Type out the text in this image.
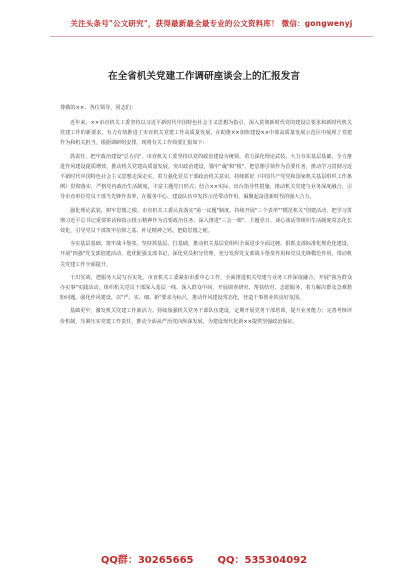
关注头条号"公文研究"，获得最新最全最专业的公文资料库！ 微信：gongwenyj
在全省机关党建工作调研座谈会上的汇报发言
尊敬的××、各位领导、同志们：

近年来，××市直机关工委坚持以习近平新时代中国特色社会主义思想为指引，深入贯彻新时代党的建设总要求和新时代机关党建工作的新要求，有力有效推进了市直机关党建工作高质量发展，在助推××加快建设××中部高质量发展示范区中展现了党建作为和机关担当。根据调研组安排，现将有关工作简要汇报如下：

抓责任，把牢政治建设"总方向"。市直机关工委坚持以党的政治建设为统领，着力深化理论武装，大力夯实基层基础，全力推进作风建设提质增效，推动机关党建高质量发展。突出政治建设，锚牢"魂"和"根"。把思想引领作为首要任务，推动学习贯彻习近平新时代中国特色社会主义思想走深走实，着力强化党员干部政治机关意识，持续抓好《中国共产党党和国家机关基层组织工作条例》贯彻落实，严格党内政治生活制度，丰富主题党日形式；结合××实际，出台指导性措施，推动机关党建与业务深度融合，引导市直单位党员干部当先锋作表率，在服务中心、建设队伍中发挥示范带动作用，凝聚起奋进新时代的强大合力。

强化理论武装，树牢思想之根。市直机关工委认真落实"第一议题"制度，持续开展"三个表率""模范机关"创建活动，把学习贯彻习近平总书记重要讲话和指示批示精神作为首要政治任务，深入推进"三会一课"、主题党日、谈心谈话等组织生活制度常态化长效化，引导党员干部筑牢信仰之基、补足精神之钙、把稳思想之舵。

夯实基层基础，筑牢战斗堡垒。坚持抓基层、打基础，推动机关基层党组织全面进步全面过硬。狠抓支部标准化规范化建设，开展"四强"党支部创建活动，选优配强支部书记，深化党员积分管理，充分发挥党支部战斗堡垒作用和党员先锋模范作用，带动机关党建工作全面提升。

干出实效，把服务大局写在实处。市直机关工委紧扣市委中心工作，全面推进机关党建与业务工作深度融合，开展"我为群众办实事"实践活动，组织机关党员干部深入基层一线、深入群众中间，开展调查研究、帮扶结对、志愿服务，着力解决群众急难愁盼问题。强化作风建设，以"严、实、细、新"要求为标尺，推动作风建设常态化，营造干事创业的良好氛围。

基础更牢，激发机关党建工作新活力。持续加强机关党务干部队伍建设，定期开展党务干部培训，提升业务能力；完善考核评价机制，压紧压实党建工作责任，推动全面从严治党向纵深发展，为建设现代化新××提供坚强政治保证。

QQ群：30265665 QQ：535304092
